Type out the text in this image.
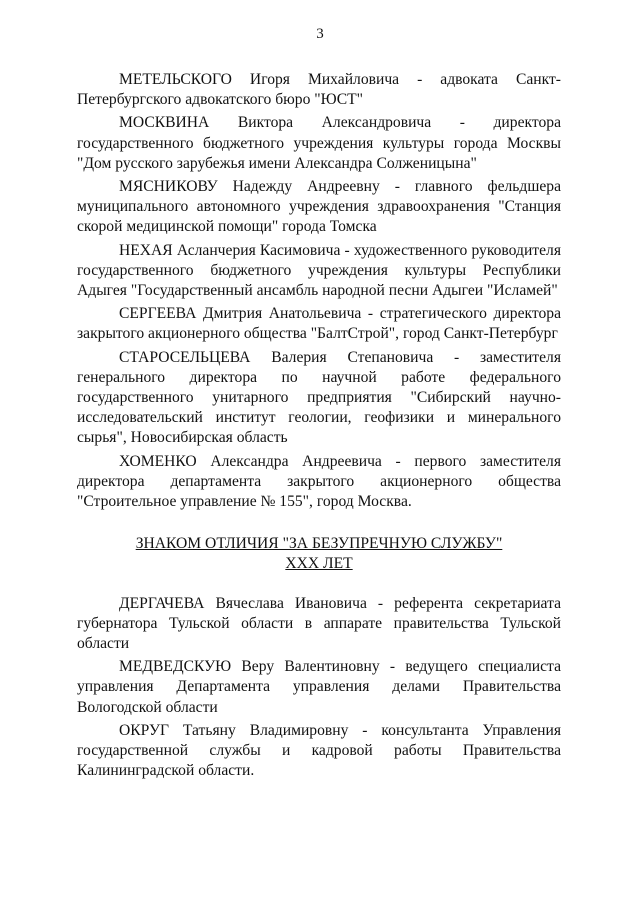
3

МЕТЕЛЬСКОГО Игоря Михайловича - адвоката Санкт-Петербургского адвокатского бюро "ЮСТ"

МОСКВИНА Виктора Александровича - директора государственного бюджетного учреждения культуры города Москвы "Дом русского зарубежья имени Александра Солженицына"

МЯСНИКОВУ Надежду Андреевну - главного фельдшера муниципального автономного учреждения здравоохранения "Станция скорой медицинской помощи" города Томска

НЕХАЯ Асланчерия Касимовича - художественного руководителя государственного бюджетного учреждения культуры Республики Адыгея "Государственный ансамбль народной песни Адыгеи "Исламей"

СЕРГЕЕВА Дмитрия Анатольевича - стратегического директора закрытого акционерного общества "БалтСтрой", город Санкт-Петербург

СТАРОСЕЛЬЦЕВА Валерия Степановича - заместителя генерального директора по научной работе федерального государственного унитарного предприятия "Сибирский научно-исследовательский институт геологии, геофизики и минерального сырья", Новосибирская область

ХОМЕНКО Александра Андреевича - первого заместителя директора департамента закрытого акционерного общества "Строительное управление № 155", город Москва.

ЗНАКОМ ОТЛИЧИЯ "ЗА БЕЗУПРЕЧНУЮ СЛУЖБУ"
XXX ЛЕТ

ДЕРГАЧЕВА Вячеслава Ивановича - референта секретариата губернатора Тульской области в аппарате правительства Тульской области

МЕДВЕДСКУЮ Веру Валентиновну - ведущего специалиста управления Департамента управления делами Правительства Вологодской области

ОКРУГ Татьяну Владимировну - консультанта Управления государственной службы и кадровой работы Правительства Калининградской области.
